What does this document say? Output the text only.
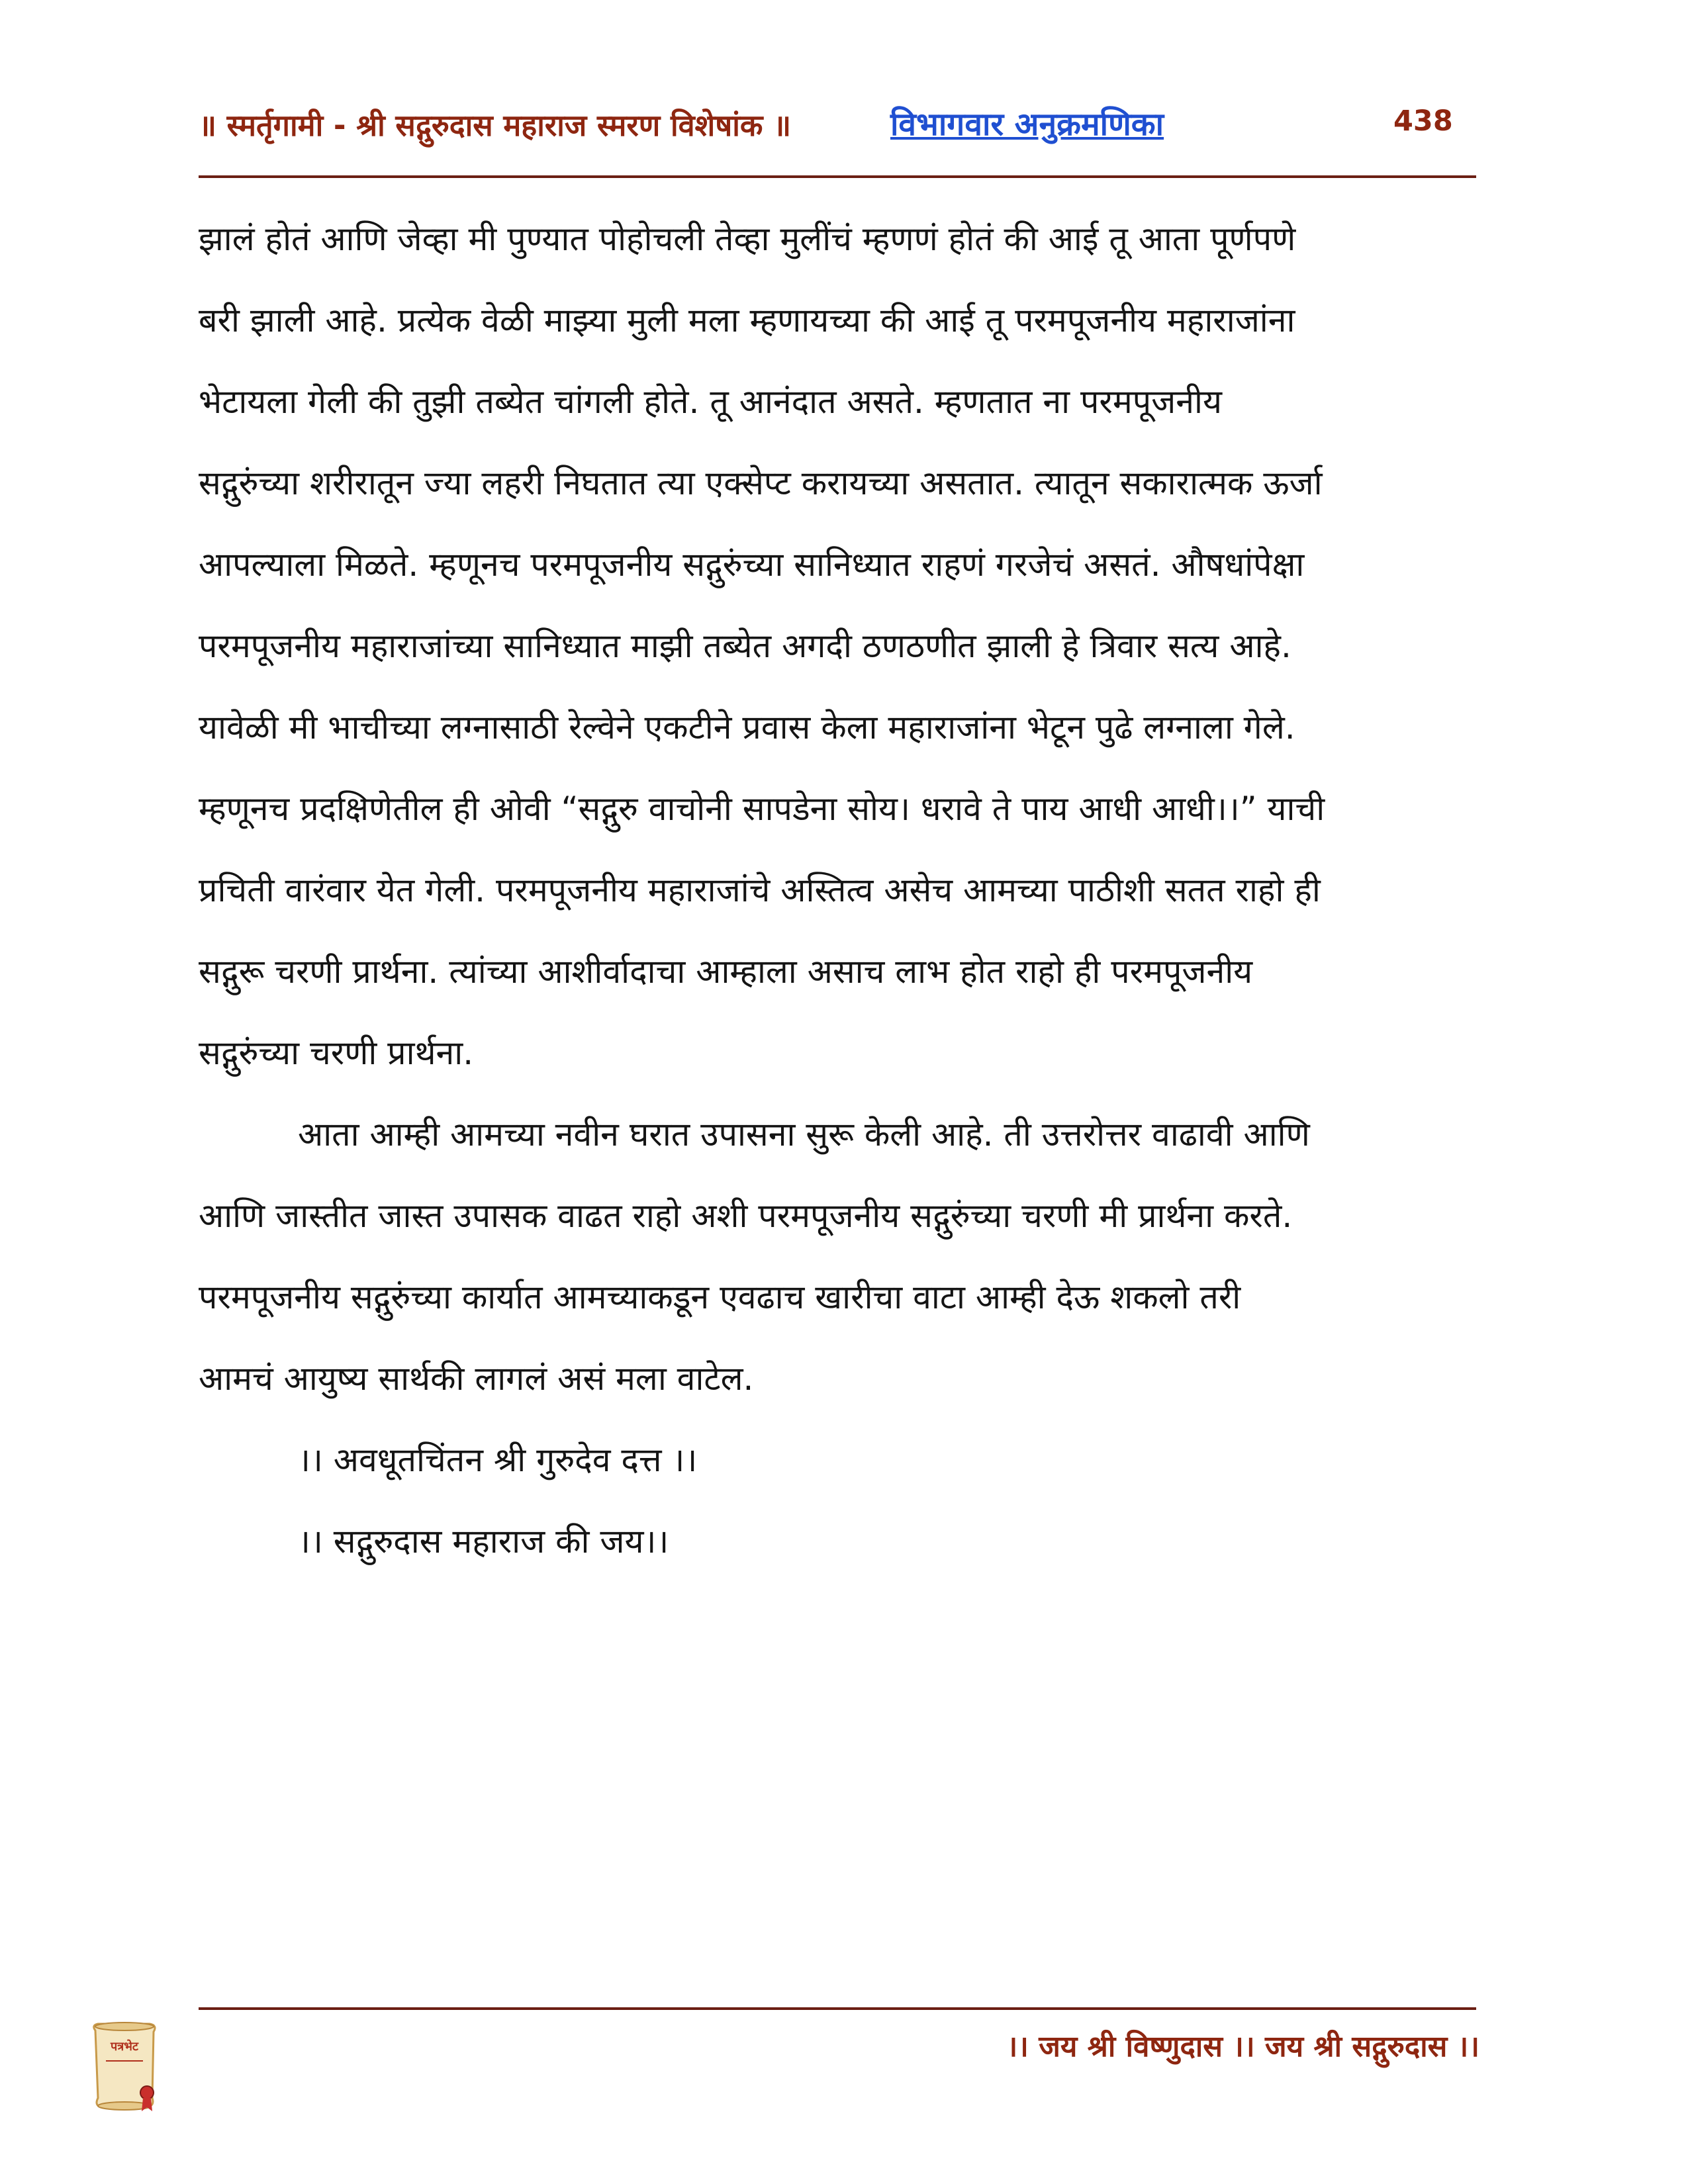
॥ स्मर्तृगामी - श्री सद्गुरुदास महाराज स्मरण विशेषांक ॥	विभागवार अनुक्रमणिका	438

झालं होतं आणि जेव्हा मी पुण्यात पोहोचली तेव्हा मुलींचं म्हणणं होतं की आई तू आता पूर्णपणे
बरी झाली आहे. प्रत्येक वेळी माझ्या मुली मला म्हणायच्या की आई तू परमपूजनीय महाराजांना
भेटायला गेली की तुझी तब्येत चांगली होते. तू आनंदात असते. म्हणतात ना परमपूजनीय
सद्गुरुंच्या शरीरातून ज्या लहरी निघतात त्या एक्सेप्ट करायच्या असतात. त्यातून सकारात्मक ऊर्जा
आपल्याला मिळते. म्हणूनच परमपूजनीय सद्गुरुंच्या सानिध्यात राहणं गरजेचं असतं. औषधांपेक्षा
परमपूजनीय महाराजांच्या सानिध्यात माझी तब्येत अगदी ठणठणीत झाली हे त्रिवार सत्य आहे.
यावेळी मी भाचीच्या लग्नासाठी रेल्वेने एकटीने प्रवास केला महाराजांना भेटून पुढे लग्नाला गेले.
म्हणूनच प्रदक्षिणेतील ही ओवी “सद्गुरु वाचोनी सापडेना सोय। धरावे ते पाय आधी आधी।।” याची
प्रचिती वारंवार येत गेली. परमपूजनीय महाराजांचे अस्तित्व असेच आमच्या पाठीशी सतत राहो ही
सद्गुरू चरणी प्रार्थना. त्यांच्या आशीर्वादाचा आम्हाला असाच लाभ होत राहो ही परमपूजनीय
सद्गुरुंच्या चरणी प्रार्थना.

आता आम्ही आमच्या नवीन घरात उपासना सुरू केली आहे. ती उत्तरोत्तर वाढावी आणि
आणि जास्तीत जास्त उपासक वाढत राहो अशी परमपूजनीय सद्गुरुंच्या चरणी मी प्रार्थना करते.
परमपूजनीय सद्गुरुंच्या कार्यात आमच्याकडून एवढाच खारीचा वाटा आम्ही देऊ शकलो तरी
आमचं आयुष्य सार्थकी लागलं असं मला वाटेल.

।। अवधूतचिंतन श्री गुरुदेव दत्त ।।
।। सद्गुरुदास महाराज की जय।।

पत्रभेट	।। जय श्री विष्णुदास ।। जय श्री सद्गुरुदास ।।
